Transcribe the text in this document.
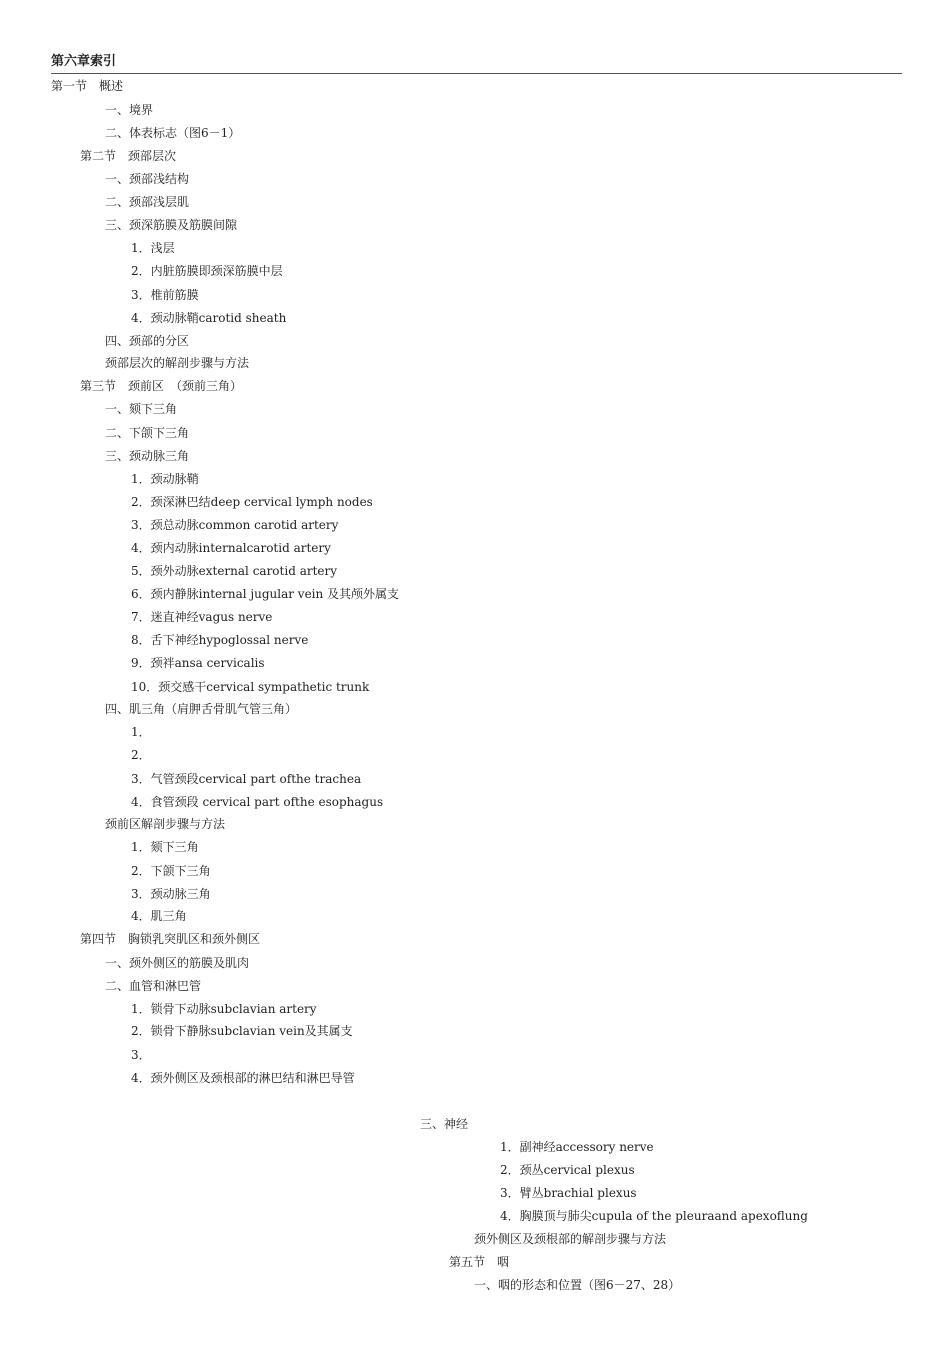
第六章索引
第一节　概述
一、境界
二、体表标志（图6－1）
第二节　颈部层次
一、颈部浅结构
二、颈部浅层肌
三、颈深筋膜及筋膜间隙
1．浅层
2．内脏筋膜即颈深筋膜中层
3．椎前筋膜
4．颈动脉鞘carotid sheath
四、颈部的分区
颈部层次的解剖步骤与方法
第三节　颈前区　（颈前三角）
一、颏下三角
二、下颌下三角
三、颈动脉三角
1．颈动脉鞘
2．颈深淋巴结deep cervical lymph nodes
3．颈总动脉common carotid artery
4．颈内动脉internalcarotid artery
5．颈外动脉external carotid artery
6．颈内静脉internal jugular vein 及其颅外属支
7．迷直神经vagus nerve
8．舌下神经hypoglossal nerve
9．颈袢ansa cervicalis
10．颈交感干cervical sympathetic trunk
四、肌三角（肩胛舌骨肌气管三角）
1．
2．
3．气管颈段cervical part ofthe trachea
4．食管颈段 cervical part ofthe esophagus
颈前区解剖步骤与方法
1．颏下三角
2．下颌下三角
3．颈动脉三角
4．肌三角
第四节　胸锁乳突肌区和颈外侧区
一、颈外侧区的筋膜及肌肉
二、血管和淋巴管
1．锁骨下动脉subclavian artery
2．锁骨下静脉subclavian vein及其属支
3．
4．颈外侧区及颈根部的淋巴结和淋巴导管
三、神经
1．副神经accessory nerve
2．颈丛cervical plexus
3．臂丛brachial plexus
4．胸膜顶与肺尖cupula of the pleuraand apexoflung
颈外侧区及颈根部的解剖步骤与方法
第五节　咽
一、咽的形态和位置（图6－27、28）
